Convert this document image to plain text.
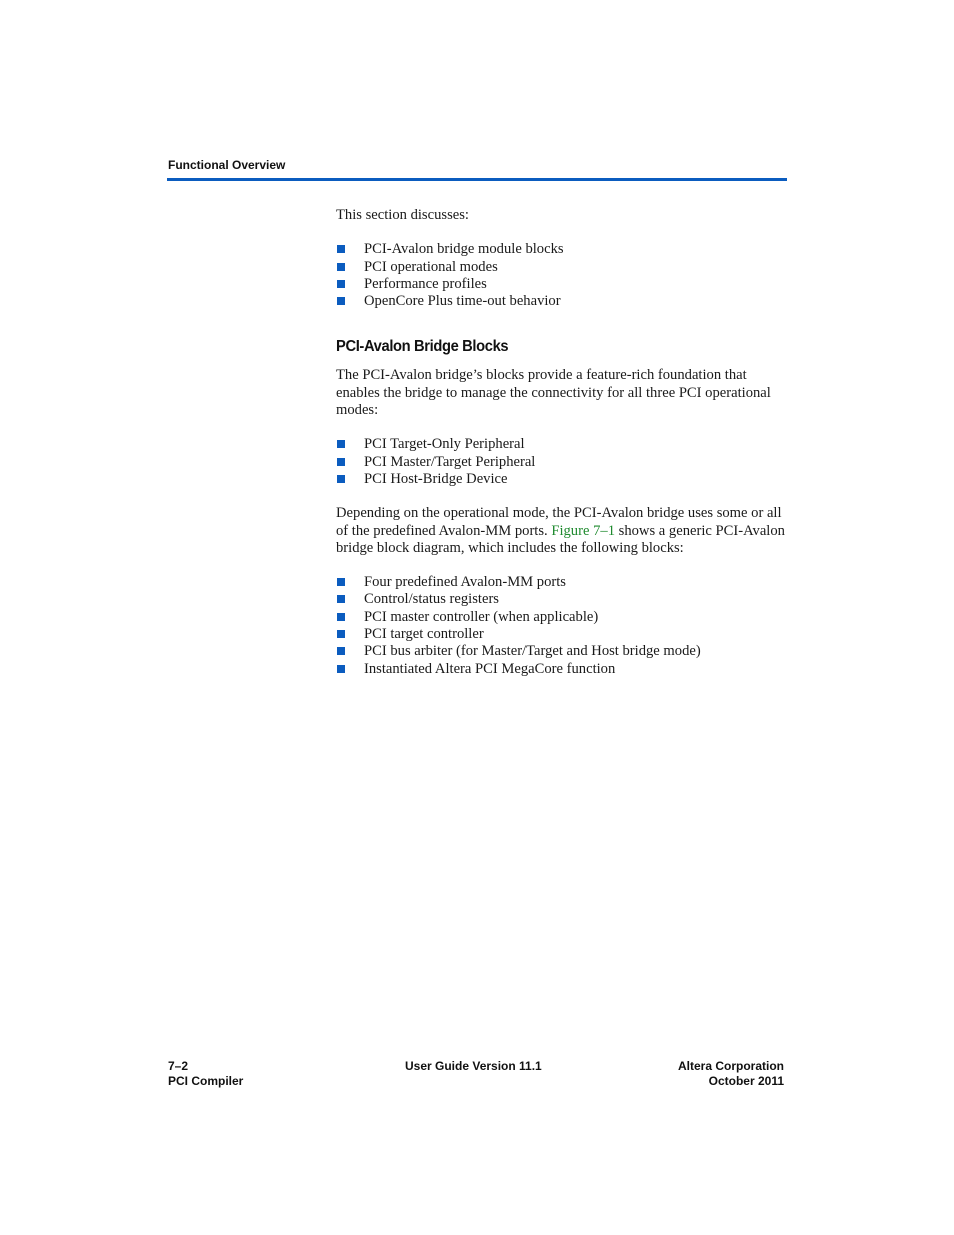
Functional Overview

This section discusses:

PCI-Avalon bridge module blocks
PCI operational modes
Performance profiles
OpenCore Plus time-out behavior
PCI-Avalon Bridge Blocks

The PCI-Avalon bridge’s blocks provide a feature-rich foundation that enables the bridge to manage the connectivity for all three PCI operational modes:

PCI Target-Only Peripheral
PCI Master/Target Peripheral
PCI Host-Bridge Device

Depending on the operational mode, the PCI-Avalon bridge uses some or all of the predefined Avalon-MM ports. Figure 7–1 shows a generic PCI-Avalon bridge block diagram, which includes the following blocks:

Four predefined Avalon-MM ports
Control/status registers
PCI master controller (when applicable)
PCI target controller
PCI bus arbiter (for Master/Target and Host bridge mode)
Instantiated Altera PCI MegaCore function
7–2
PCI Compiler
User Guide Version 11.1	Altera Corporation
October 2011
